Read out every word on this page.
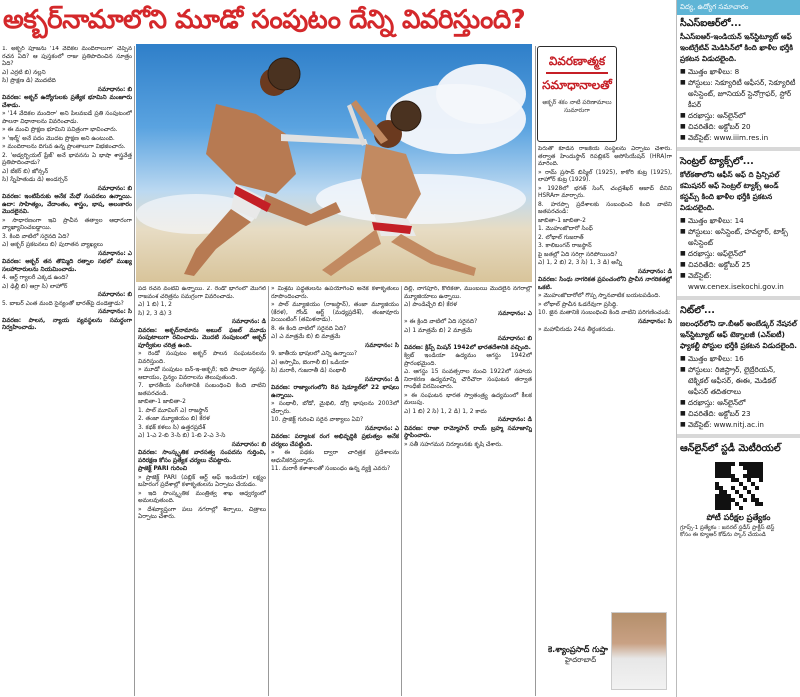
అక్బర్‌నామాలోని మూడో సంపుటం దేన్ని వివరిస్తుంది?

1. అక్బర్ పూజను '14 వేదికల మందిరాలుగా' చెప్పిన రచన ఏది? ఆ పుస్తకంలో రాజు ప్రతిపాదించిన సూత్రం ఏది?

ఎ) ఎర్రటి బి) నల్లని

సి) ప్రొక్షణ డి) మొదటిది

సమాధానం: బి

వివరణ: అక్బర్ ఉద్యోగులకు ప్రత్యేక భూమిని మంజూరు చేశాడు.

» '14 వేదికల మందిరా' అని పిలవబడే ప్రతి సంపుటంలో పాలనా విధానాలను వివరించాడు.

» ఈ మంచి ప్రొక్షణ భూమిని పవిత్రంగా భావించారు.

» 'ఇల్మ్' అనే పదం మొదట ప్రొక్షణ అని ఉంటుంది.

» మందిరాలను దిగువ ఉన్న ప్రాంతాలుగా విభజించారు.

2. 'అడ్వర్బియల్ ఫ్రేజ్' అనే భావనను ఏ భాషా శాస్త్రవేత్త ప్రతిపాదించాడు?

ఎ) బేకర్ బి) జోన్సన్

సి) స్నేహితుడు డి) అండర్సన్

సమాధానం: బి

వివరణ: ఇంటిపేరుకు అనేక మేధో సంపదలు ఉన్నాయి. ఉదా: సాహిత్యం, వేదాంతం, శాస్త్రం, భాష, అలంకారం మొదలైనవి.

» సాధారణంగా ఇవి ప్రాచీన తత్వాల ఆధారంగా వ్యాఖ్యానించబడ్డాయి.

3. కింది వాటిలో సరైనది ఏది?

ఎ) అక్బర్ ప్రకటనలు బి) పురాతన వ్యాఖ్యలు

సమాధానం: ఎ

వివరణ: అక్బర్ తన తొమ్మిది రత్నాల సభలో ముఖ్య సలహాదారులను నియమించాడు.

4. ఆర్ట్ గ్యాలరీ ఎక్కడ ఉంది?

ఎ) ఢిల్లీ బి) ఆగ్రా సి) లాహోర్

సమాధానం: బి

5. బాబర్ ఎంత మంది సైన్యంతో భారత్‌పై దండెత్తాడు?

సమాధానం: సి

వివరణ: పాలన, న్యాయ వ్యవస్థలను సమర్థంగా నిర్వహించాడు.

వివరణాత్మక
సమాధానాలతో
అక్బర్ శకం నాటి పరిణామాలు సుమారుగా

పేరుతో కూడిన రాజకీయ సంస్థలను ఏర్పాటు చేశారు. తర్వాత హిందుస్థాన్ రిపబ్లికన్ అసోసియేషన్ (HRA)గా మారింది.

» రామ్ ప్రసాద్ బిస్మిల్ (1925), కాకోరి కుట్ర (1925), లాహోర్ కుట్ర (1929).

» 1928లో భగత్ సింగ్, చంద్రశేఖర్ ఆజాద్ దీనిని HSRAగా మార్చారు.

8. హరప్పా ప్రదేశాలకు సంబంధించి కింది వాటిని జతపరచండి:

జాబితా-1 జాబితా-2

1. మొహంజొదారో సింధ్

2. లోథాల్ గుజరాత్

3. కాలిబంగన్ రాజస్థాన్

పై జతల్లో ఏది సరిగ్గా సరిపోయింది?

ఎ) 1, 2 బి) 2, 3 సి) 1, 3 డి) అన్నీ

సమాధానం: డి

వివరణ: సింధు నాగరికత ప్రపంచంలోని ప్రాచీన నాగరికతల్లో ఒకటి.

» మొహంజొదారోలో గొప్ప స్నానవాటిక బయటపడింది.

» లోథాల్ ప్రాచీన ఓడరేవుగా ప్రసిద్ధి.

10. జైన మతానికి సంబంధించి కింది వాటిని పరిగణించండి:

సమాధానం: సి

» మహావీరుడు 24వ తీర్థంకరుడు.

పద రచన వంటివి ఉన్నాయి. 2. రెండో భాగంలో మొగల్ రాజవంశ చరిత్రను సమగ్రంగా వివరించాడు.

ఎ) 1 బి) 1, 2

సి) 2, 3 డి) 3

సమాధానం: డి

వివరణ: అక్బర్‌నామాను అబుల్ ఫజల్ మూడు సంపుటాలుగా రచించాడు. మొదటి సంపుటంలో అక్బర్ పూర్వీకుల చరిత్ర ఉంది.

» రెండో సంపుటం అక్బర్ పాలన సంఘటనలను వివరిస్తుంది.

» మూడో సంపుటం ఐన్-ఇ-అక్బరీ; ఇది పాలనా వ్యవస్థ, ఆదాయం, సైన్యం వివరాలను తెలుపుతుంది.

7. భారతీయ సంగీతానికి సంబంధించి కింది వాటిని జతపరచండి.

జాబితా-1 జాబితా-2

1. పాల్ మూవింగ్ ఎ) రాజస్థాన్

2. తంజా మ్యూజియం బి) కేరళ

3. కథక్ కళలు సి) ఉత్తరప్రదేశ్

ఎ) 1-ఎ 2-బి 3-సి బి) 1-బి 2-ఎ 3-సి

సమాధానం: బి

వివరణ: సాంస్కృతిక వారసత్వ సంపదను గుర్తించి, పరిరక్షణ కోసం ప్రత్యేక చర్యలు చేపట్టారు.

ప్రాజెక్ట్ PARI గురించి

» ప్రాజెక్ట్ PARI (పబ్లిక్ ఆర్ట్ ఆఫ్ ఇండియా) లక్ష్యం బహిరంగ ప్రదేశాల్లో కళాకృతులను ఏర్పాటు చేయడం.

» ఇది సాంస్కృతిక మంత్రిత్వ శాఖ ఆధ్వర్యంలో అమలవుతుంది.

» దేశవ్యాప్తంగా పలు నగరాల్లో శిల్పాలు, చిత్రాలు ఏర్పాటు చేశారు.

» మిశ్రమ పద్ధతులను ఉపయోగించి అనేక కళాకృతులు రూపొందించారు.

» పాల్ మ్యూజియం (రాజస్థాన్), తంజా మ్యూజియం (కేరళ), గోండ్ ఆర్ట్ (మధ్యప్రదేశ్), తంజావూరు పెయింటింగ్ (తమిళనాడు).

8. ఈ కింది వాటిలో సరైనది ఏది?

ఎ) ఎ మాత్రమే బి) బి మాత్రమే

సమాధానం: సి

9. జాతీయ భాషలలో ఎన్ని ఉన్నాయి?

ఎ) అస్సామీ, బెంగాలీ బి) ఒడియా

సి) మరాఠీ, గుజరాతీ డి) సంథాలీ

సమాధానం: డి

వివరణ: రాజ్యాంగంలోని 8వ షెడ్యూల్‌లో 22 భాషలు ఉన్నాయి.

» సంథాలీ, బోడో, మైథిలి, డోగ్రి భాషలను 2003లో చేర్చారు.

10. ప్రాజెక్ట్ గురించి సరైన వాక్యాలు ఏవి?

సమాధానం: ఎ

వివరణ: పర్యాటక రంగ అభివృద్ధికి ప్రభుత్వం అనేక చర్యలు చేపట్టింది.

» ఈ పథకం ద్వారా చారిత్రక ప్రదేశాలను ఆధునీకరిస్తున్నారు.

11. మరాఠీ కళాశాలతో సంబంధం ఉన్న వ్యక్తి ఎవరు?

దిల్లీ, నాగపూర్, కోల్‌కతా, ముంబయి మొదలైన నగరాల్లో మ్యూజియాలు ఉన్నాయి.

ఎ) పాండిచ్చేరి బి) కేరళ

సమాధానం: ఎ

» ఈ క్రింది వాటిలో ఏది సరైనది?

ఎ) 1 మాత్రమే బి) 2 మాత్రమే

సమాధానం: బి

వివరణ: క్రిప్స్ మిషన్ 1942లో భారతదేశానికి వచ్చింది.

క్విట్ ఇండియా ఉద్యమం ఆగస్టు 1942లో ప్రారంభమైంది.

ఎ. ఆగస్టు 15 సంవత్సరాల నుంచి 1922లో సహాయ నిరాకరణ ఉద్యమాన్ని చౌరీచౌరా సంఘటన తర్వాత గాంధీజీ విరమించారు.

» ఈ సంఘటన భారత స్వాతంత్ర్య ఉద్యమంలో కీలక మలుపు.

ఎ) 1 బి) 2 సి) 1, 2 డి) 1, 2 కాదు

సమాధానం: డి

వివరణ: రాజా రామ్మోహన్ రాయ్ బ్రహ్మ సమాజాన్ని స్థాపించారు.

» సతీ సహగమన నిర్మూలనకు కృషి చేశారు.

కె.శ్యాంప్రసాద్ గుప్తా
హైదరాబాద్
విద్య, ఉద్యోగ సమాచారం
సీఎస్ఐఆర్‌లో...
సీఎస్ఐఆర్-ఇండియన్ ఇన్‌స్టిట్యూట్ ఆఫ్ ఇంటిగ్రేటివ్ మెడిసిన్‌లో కింది ఖాళీల భర్తీకి ప్రకటన విడుదలైంది.
■ మొత్తం ఖాళీలు: 8
■ పోస్టులు: సెక్యూరిటీ ఆఫీసర్, సెక్యూరిటీ అసిస్టెంట్, జూనియర్ స్టెనోగ్రాఫర్, స్టోర్ కీపర్
■ దరఖాస్తు: ఆన్‌లైన్‌లో
■ చివరితేది: అక్టోబర్ 20
■ వెబ్‌సైట్: www.iiim.res.in
సెంట్రల్ ట్యాక్స్‌లో...
కోల్‌కతాలోని ఆఫీస్ ఆఫ్ ది ప్రిన్సిపల్ కమిషనర్ ఆఫ్ సెంట్రల్ ట్యాక్స్ అండ్ కస్టమ్స్ కింది ఖాళీల భర్తీకి ప్రకటన విడుదలైంది.
■ మొత్తం ఖాళీలు: 14
■ పోస్టులు: అసిస్టెంట్, హవల్దార్, టాక్స్ అసిస్టెంట్
■ దరఖాస్తు: ఆఫ్‌లైన్‌లో
■ చివరితేది: అక్టోబర్ 25
■ వెబ్‌సైట్: www.cenex.isekochi.gov.in
నిట్‌లో...
జలంధర్‌లోని డా.బీఆర్ అంబేడ్కర్ నేషనల్ ఇన్‌స్టిట్యూట్ ఆఫ్ టెక్నాలజీ (ఎన్ఐటీ) ఫ్యాకల్టీ పోస్టుల భర్తీకి ప్రకటన విడుదలైంది.
■ మొత్తం ఖాళీలు: 16
■ పోస్టులు: రిజిస్ట్రార్, లైబ్రేరియన్, టెక్నికల్ ఆఫీసర్, ఈఈ, మెడికల్ ఆఫీసర్ తదితరాలు
■ దరఖాస్తు: ఆన్‌లైన్‌లో
■ చివరితేది: అక్టోబర్ 23
■ వెబ్‌సైట్: www.nitj.ac.in
ఆన్‌లైన్‌లో స్టడీ మెటీరియల్
పోటీ పరీక్షల ప్రత్యేకం
గ్రూప్స్-1 ప్రత్యేకం : జనరల్ స్టడీస్ ప్రాక్టీస్ టెస్ట్
కోసం ఈ క్యూఆర్ కోడ్‌ను స్కాన్ చేయండి
